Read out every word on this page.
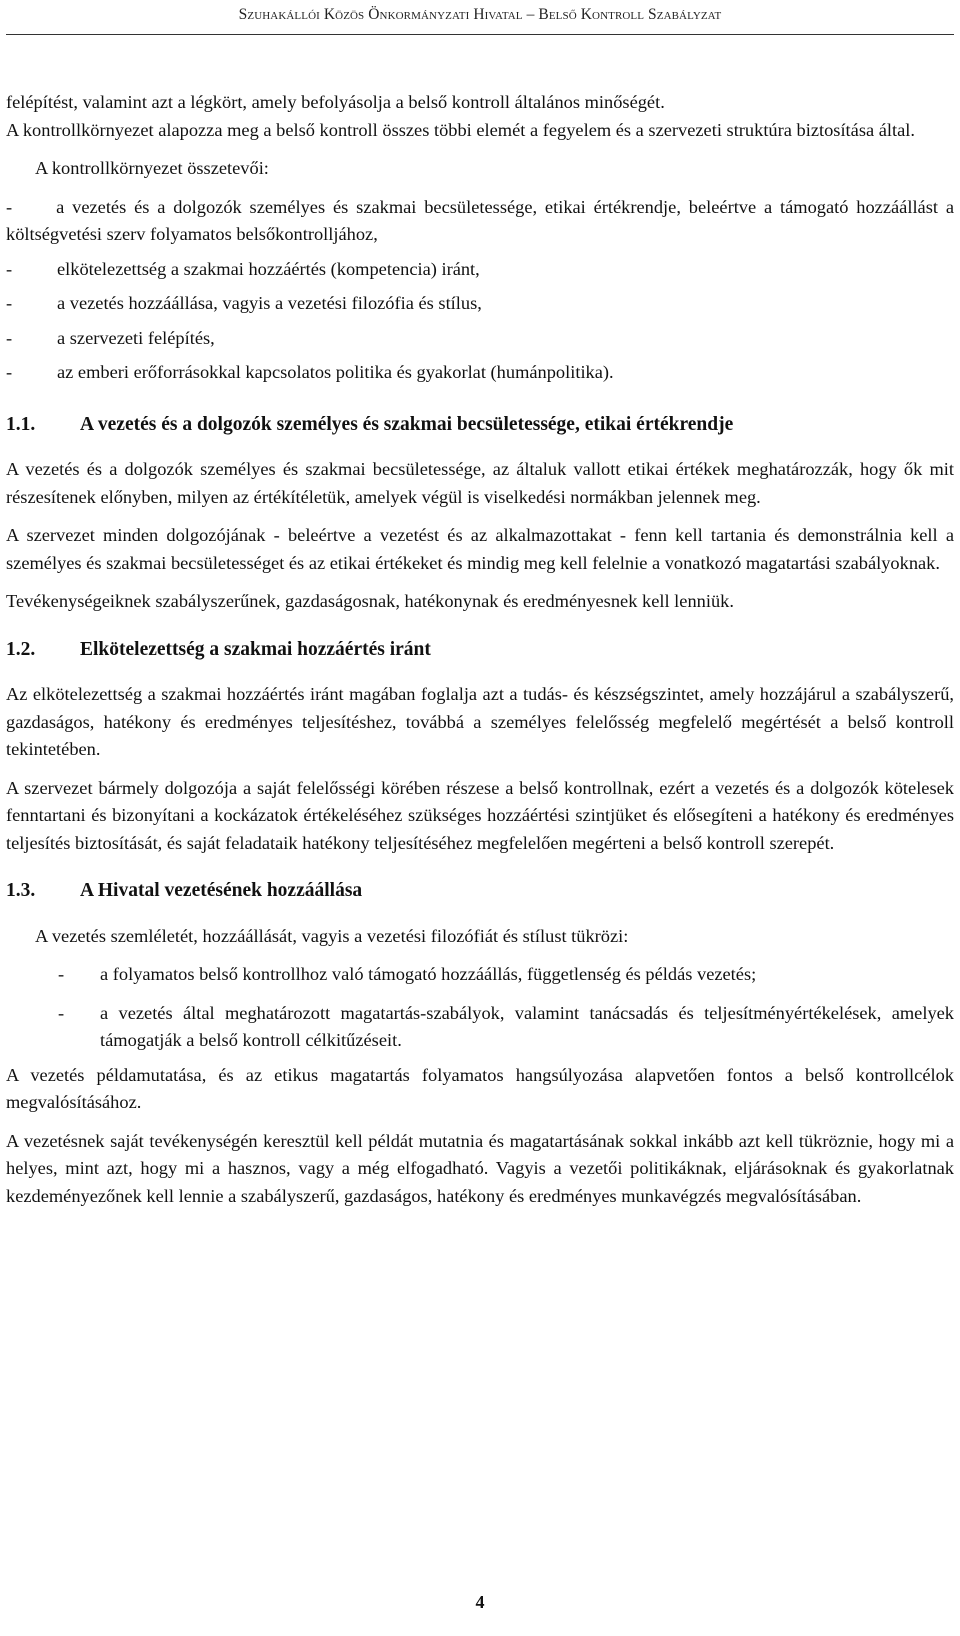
Szuhakállói Közös Önkormányzati Hivatal – Belső Kontroll Szabályzat

felépítést, valamint azt a légkört, amely befolyásolja a belső kontroll általános minőségét.

A kontrollkörnyezet alapozza meg a belső kontroll összes többi elemét a fegyelem és a szervezeti struktúra biztosítása által.

A kontrollkörnyezet összetevői:

- a vezetés és a dolgozók személyes és szakmai becsületessége, etikai értékrendje, beleértve a támogató hozzáállást a költségvetési szerv folyamatos belsőkontrolljához,

-	elkötelezettség a szakmai hozzáértés (kompetencia) iránt,
-	a vezetés hozzáállása, vagyis a vezetési filozófia és stílus,
-	a szervezeti felépítés,
-	az emberi erőforrásokkal kapcsolatos politika és gyakorlat (humánpolitika).
1.1.	A vezetés és a dolgozók személyes és szakmai becsületessége, etikai értékrendje

A vezetés és a dolgozók személyes és szakmai becsületessége, az általuk vallott etikai értékek meghatározzák, hogy ők mit részesítenek előnyben, milyen az értékítéletük, amelyek végül is viselkedési normákban jelennek meg.

A szervezet minden dolgozójának - beleértve a vezetést és az alkalmazottakat - fenn kell tartania és demonstrálnia kell a személyes és szakmai becsületességet és az etikai értékeket és mindig meg kell felelnie a vonatkozó magatartási szabályoknak.

Tevékenységeiknek szabályszerűnek, gazdaságosnak, hatékonynak és eredményesnek kell lenniük.

1.2.	Elkötelezettség a szakmai hozzáértés iránt

Az elkötelezettség a szakmai hozzáértés iránt magában foglalja azt a tudás- és készségszintet, amely hozzájárul a szabályszerű, gazdaságos, hatékony és eredményes teljesítéshez, továbbá a személyes felelősség megfelelő megértését a belső kontroll tekintetében.

A szervezet bármely dolgozója a saját felelősségi körében részese a belső kontrollnak, ezért a vezetés és a dolgozók kötelesek fenntartani és bizonyítani a kockázatok értékeléséhez szükséges hozzáértési szintjüket és elősegíteni a hatékony és eredményes teljesítés biztosítását, és saját feladataik hatékony teljesítéséhez megfelelően megérteni a belső kontroll szerepét.

1.3.	A Hivatal vezetésének hozzáállása

A vezetés szemléletét, hozzáállását, vagyis a vezetési filozófiát és stílust tükrözi:

-	a folyamatos belső kontrollhoz való támogató hozzáállás, függetlenség és példás vezetés;
-	a vezetés által meghatározott magatartás-szabályok, valamint tanácsadás és teljesítményértékelések, amelyek támogatják a belső kontroll célkitűzéseit.

A vezetés példamutatása, és az etikus magatartás folyamatos hangsúlyozása alapvetően fontos a belső kontrollcélok megvalósításához.

A vezetésnek saját tevékenységén keresztül kell példát mutatnia és magatartásának sokkal inkább azt kell tükröznie, hogy mi a helyes, mint azt, hogy mi a hasznos, vagy a még elfogadható. Vagyis a vezetői politikáknak, eljárásoknak és gyakorlatnak kezdeményezőnek kell lennie a szabályszerű, gazdaságos, hatékony és eredményes munkavégzés megvalósításában.

4
